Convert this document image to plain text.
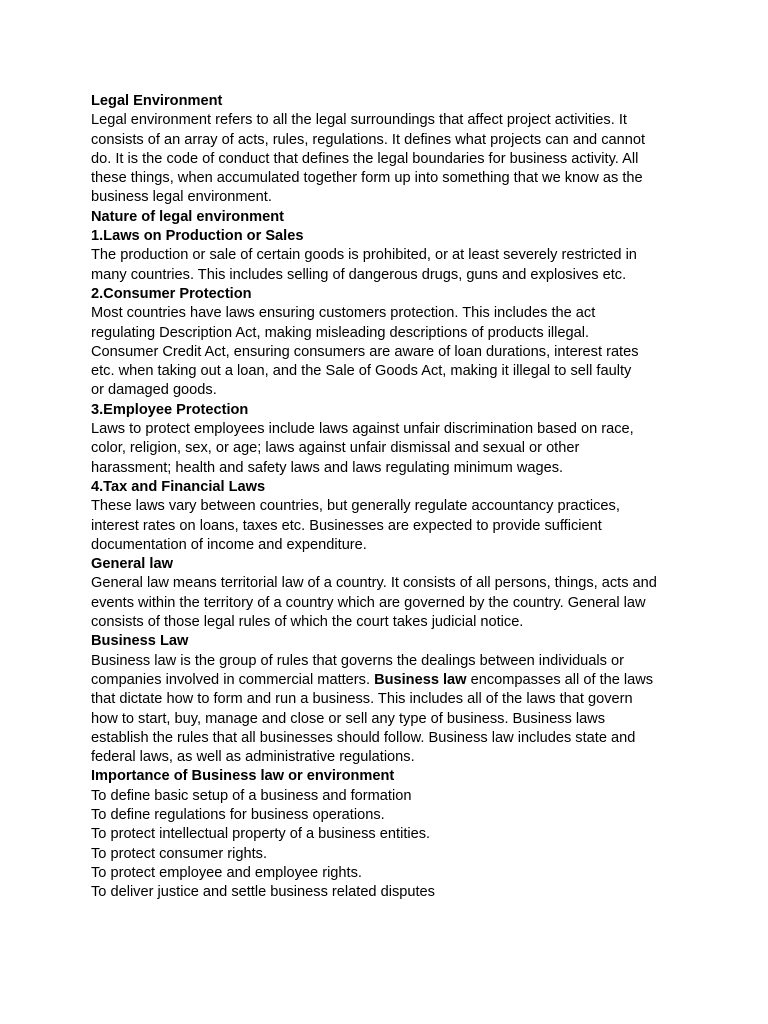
Legal Environment
Legal environment refers to all the legal surroundings that affect project activities. It
consists of an array of acts, rules, regulations. It defines what projects can and cannot
do. It is the code of conduct that defines the legal boundaries for business activity. All
these things, when accumulated together form up into something that we know as the
business legal environment.
Nature of legal environment
1.Laws on Production or Sales
The production or sale of certain goods is prohibited, or at least severely restricted in
many countries. This includes selling of dangerous drugs, guns and explosives etc.
2.Consumer Protection
Most countries have laws ensuring customers protection. This includes the act
regulating Description Act, making misleading descriptions of products illegal.
Consumer Credit Act, ensuring consumers are aware of loan durations, interest rates
etc. when taking out a loan, and the Sale of Goods Act, making it illegal to sell faulty
or damaged goods.
3.Employee Protection
Laws to protect employees include laws against unfair discrimination based on race,
color, religion, sex, or age; laws against unfair dismissal and sexual or other
harassment; health and safety laws and laws regulating minimum wages.
4.Tax and Financial Laws
These laws vary between countries, but generally regulate accountancy practices,
interest rates on loans, taxes etc. Businesses are expected to provide sufficient
documentation of income and expenditure.
General law
General law means territorial law of a country. It consists of all persons, things, acts and
events within the territory of a country which are governed by the country. General law
consists of those legal rules of which the court takes judicial notice.
Business Law
Business law is the group of rules that governs the dealings between individuals or
companies involved in commercial matters. Business law encompasses all of the laws
that dictate how to form and run a business. This includes all of the laws that govern
how to start, buy, manage and close or sell any type of business. Business laws
establish the rules that all businesses should follow. Business law includes state and
federal laws, as well as administrative regulations.
Importance of Business law or environment
To define basic setup of a business and formation
To define regulations for business operations.
To protect intellectual property of a business entities.
To protect consumer rights.
To protect employee and employee rights.
To deliver justice and settle business related disputes
